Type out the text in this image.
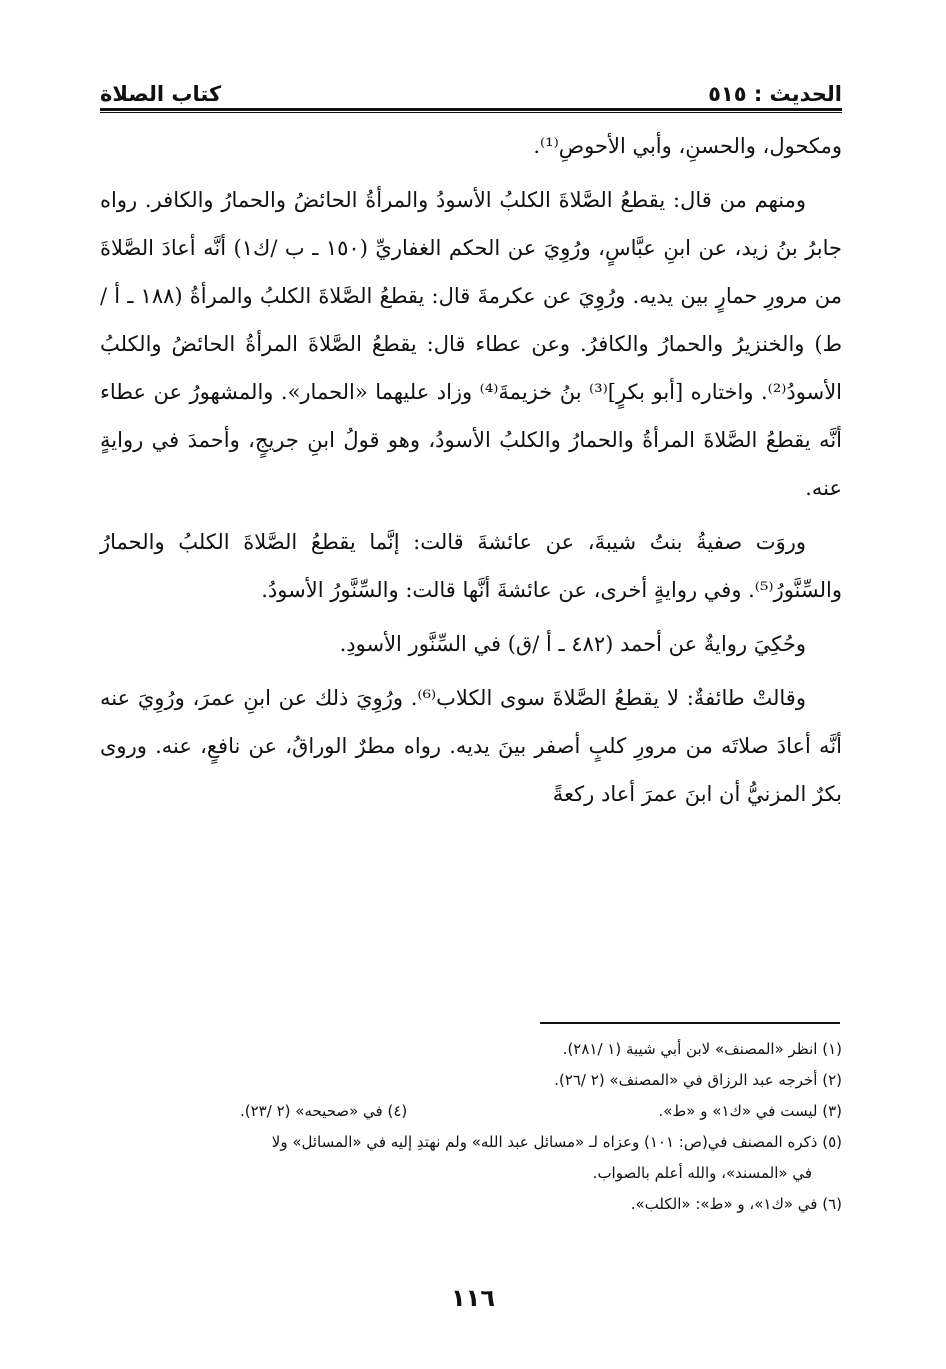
الحديث : ٥١٥
كتاب الصلاة

ومكحول، والحسنِ، وأبي الأحوصِ⁽¹⁾.

ومنهم من قال: يقطعُ الصَّلاةَ الكلبُ الأسودُ والمرأةُ الحائضُ والحمارُ والكافر. رواه جابرُ بنُ زيد، عن ابنِ عبَّاسٍ، ورُوِيَ عن الحكم الغفاريِّ (١٥٠ ـ ب /ك١) أنَّه أعادَ الصَّلاةَ من مرورِ حمارٍ بين يديه. ورُوِيَ عن عكرمةَ قال: يقطعُ الصَّلاةَ الكلبُ والمرأةُ (١٨٨ ـ أ /ط) والخنزيرُ والحمارُ والكافرُ. وعن عطاء قال: يقطعُ الصَّلاةَ المرأةُ الحائضُ والكلبُ الأسودُ⁽²⁾. واختاره [أبو بكرٍ]⁽³⁾ بنُ خزيمةَ⁽⁴⁾ وزاد عليهما «الحمار». والمشهورُ عن عطاء أنَّه يقطعُ الصَّلاةَ المرأةُ والحمارُ والكلبُ الأسودُ، وهو قولُ ابنِ جريجٍ، وأحمدَ في روايةٍ عنه.

وروَت صفيةُ بنتُ شيبةَ، عن عائشةَ قالت: إنَّما يقطعُ الصَّلاةَ الكلبُ والحمارُ والسِّنَّورُ⁽⁵⁾. وفي روايةٍ أخرى، عن عائشةَ أنَّها قالت: والسِّنَّورُ الأسودُ.

وحُكِيَ روايةٌ عن أحمد (٤٨٢ ـ أ /ق) في السِّنَّور الأسودِ.

وقالتْ طائفةٌ: لا يقطعُ الصَّلاةَ سوى الكلاب⁽⁶⁾. ورُوِيَ ذلك عن ابنِ عمرَ، ورُوِيَ عنه أنَّه أعادَ صلاتَه من مرورِ كلبٍ أصفر بينَ يديه. رواه مطرٌ الوراقُ، عن نافعٍ، عنه. وروى بكرٌ المزنيُّ أن ابنَ عمرَ أعاد ركعةً

(١) انظر «المصنف» لابن أبي شيبة (١ /٢٨١).

(٢) أخرجه عبد الرزاق في «المصنف» (٢ /٢٦).

(٣) ليست في «ك١» و «ط».

(٤) في «صحيحه» (٢ /٢٣).

(٥) ذكره المصنف في(ص: ١٠١) وعزاه لـ «مسائل عبد الله» ولم نهتدِ إليه في «المسائل» ولا

في «المسند»، والله أعلم بالصواب.

(٦) في «ك١»، و «ط»: «الكلب».

١١٦
